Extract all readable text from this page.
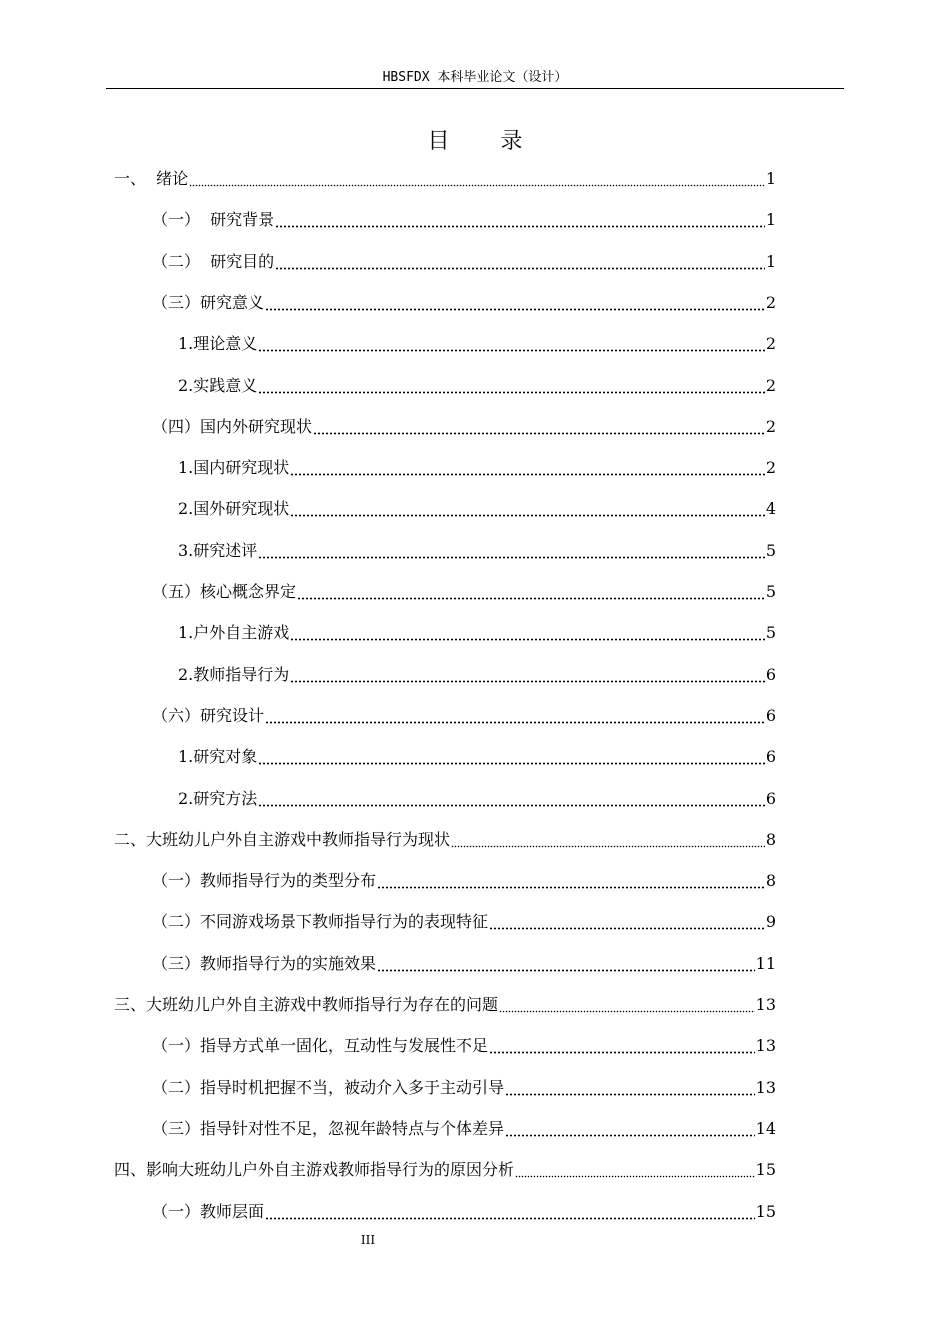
HBSFDX 本科毕业论文（设计）
目 录
一、  绪论	1
（一）  研究背景	1
（二）  研究目的	1
（三）研究意义	2
1.理论意义	2
2.实践意义	2
（四）国内外研究现状	2
1.国内研究现状	2
2.国外研究现状	4
3.研究述评	5
（五）核心概念界定	5
1.户外自主游戏	5
2.教师指导行为	6
（六）研究设计	6
1.研究对象	6
2.研究方法	6
二、大班幼儿户外自主游戏中教师指导行为现状	8
（一）教师指导行为的类型分布	8
（二）不同游戏场景下教师指导行为的表现特征	9
（三）教师指导行为的实施效果	11
三、大班幼儿户外自主游戏中教师指导行为存在的问题	13
（一）指导方式单一固化，互动性与发展性不足	13
（二）指导时机把握不当，被动介入多于主动引导	13
（三）指导针对性不足，忽视年龄特点与个体差异	14
四、影响大班幼儿户外自主游戏教师指导行为的原因分析	15
（一）教师层面	15
III
